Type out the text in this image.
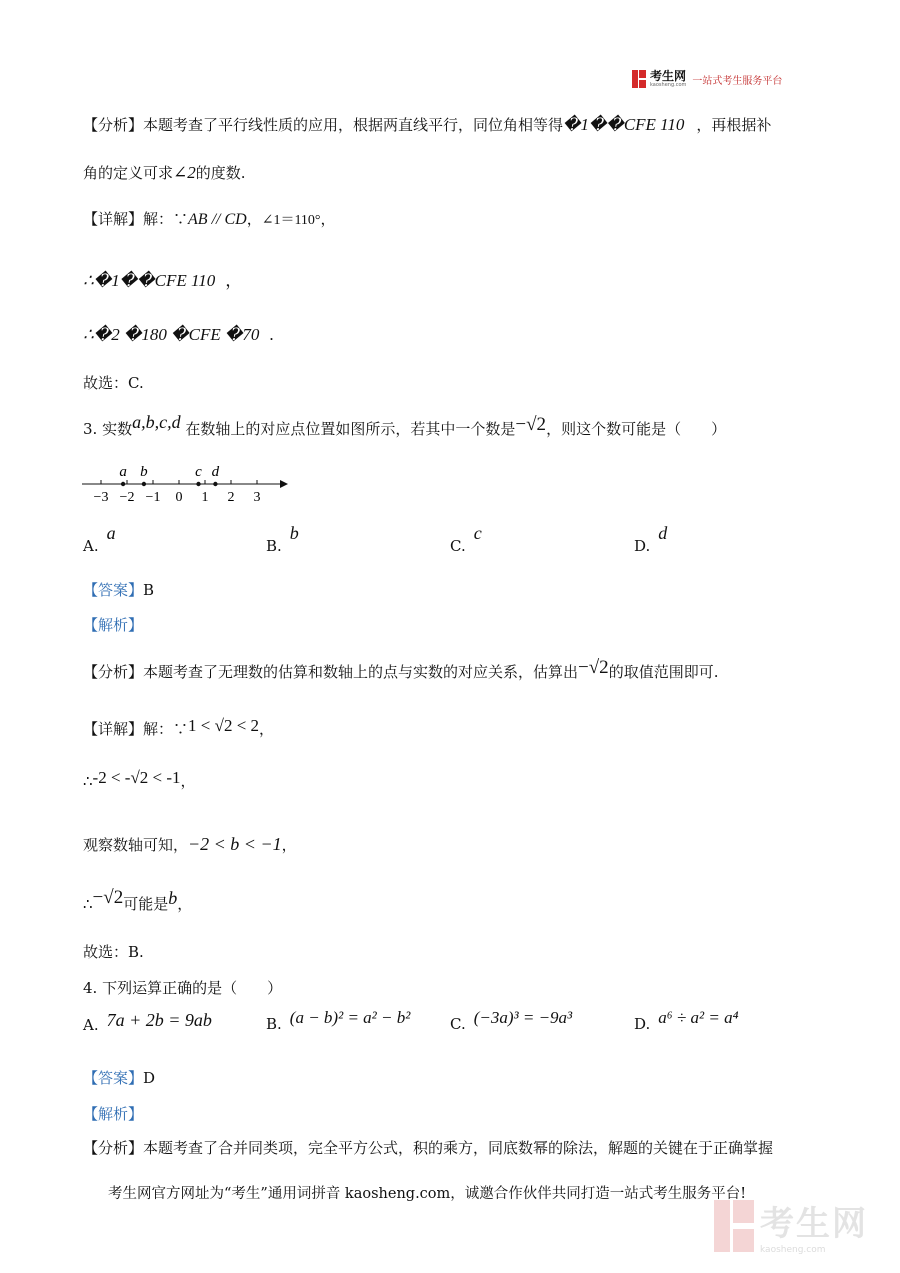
考生网
kaosheng.com 一站式考生服务平台
【分析】本题考查了平行线性质的应用，根据两直线平行，同位角相等得�1��CFE 110 ，再根据补
角的定义可求∠2的度数.
【详解】解：∵AB // CD，∠1＝110°，
∴�1��CFE 110 ，
∴�2 �180 �CFE �70 .
故选：C.
3. 实数a,b,c,d 在数轴上的对应点位置如图所示，若其中一个数是−√2，则这个数可能是（　　）
−3 −2 −1 0 1 2 3
a b	c d
A.a
B.b
C.c
D.d
【答案】B
【解析】
【分析】本题考查了无理数的估算和数轴上的点与实数的对应关系，估算出−√2的取值范围即可.
【详解】解：∵1 < √2 < 2，
∴-2 < -√2 < -1，
观察数轴可知，−2 < b < −1，
∴−√2可能是b，
故选：B.
4. 下列运算正确的是（　　）
A. 7a + 2b = 9ab	B. (a − b)² = a² − b²	C. (−3a)³ = −9a³	D. a⁶ ÷ a² = a⁴
【答案】D
【解析】
【分析】本题考查了合并同类项，完全平方公式，积的乘方，同底数幂的除法，解题的关键在于正确掌握
考生网官方网址为“考生”通用词拼音 kaosheng.com，诚邀合作伙伴共同打造一站式考生服务平台!
考生网
kaosheng.com
